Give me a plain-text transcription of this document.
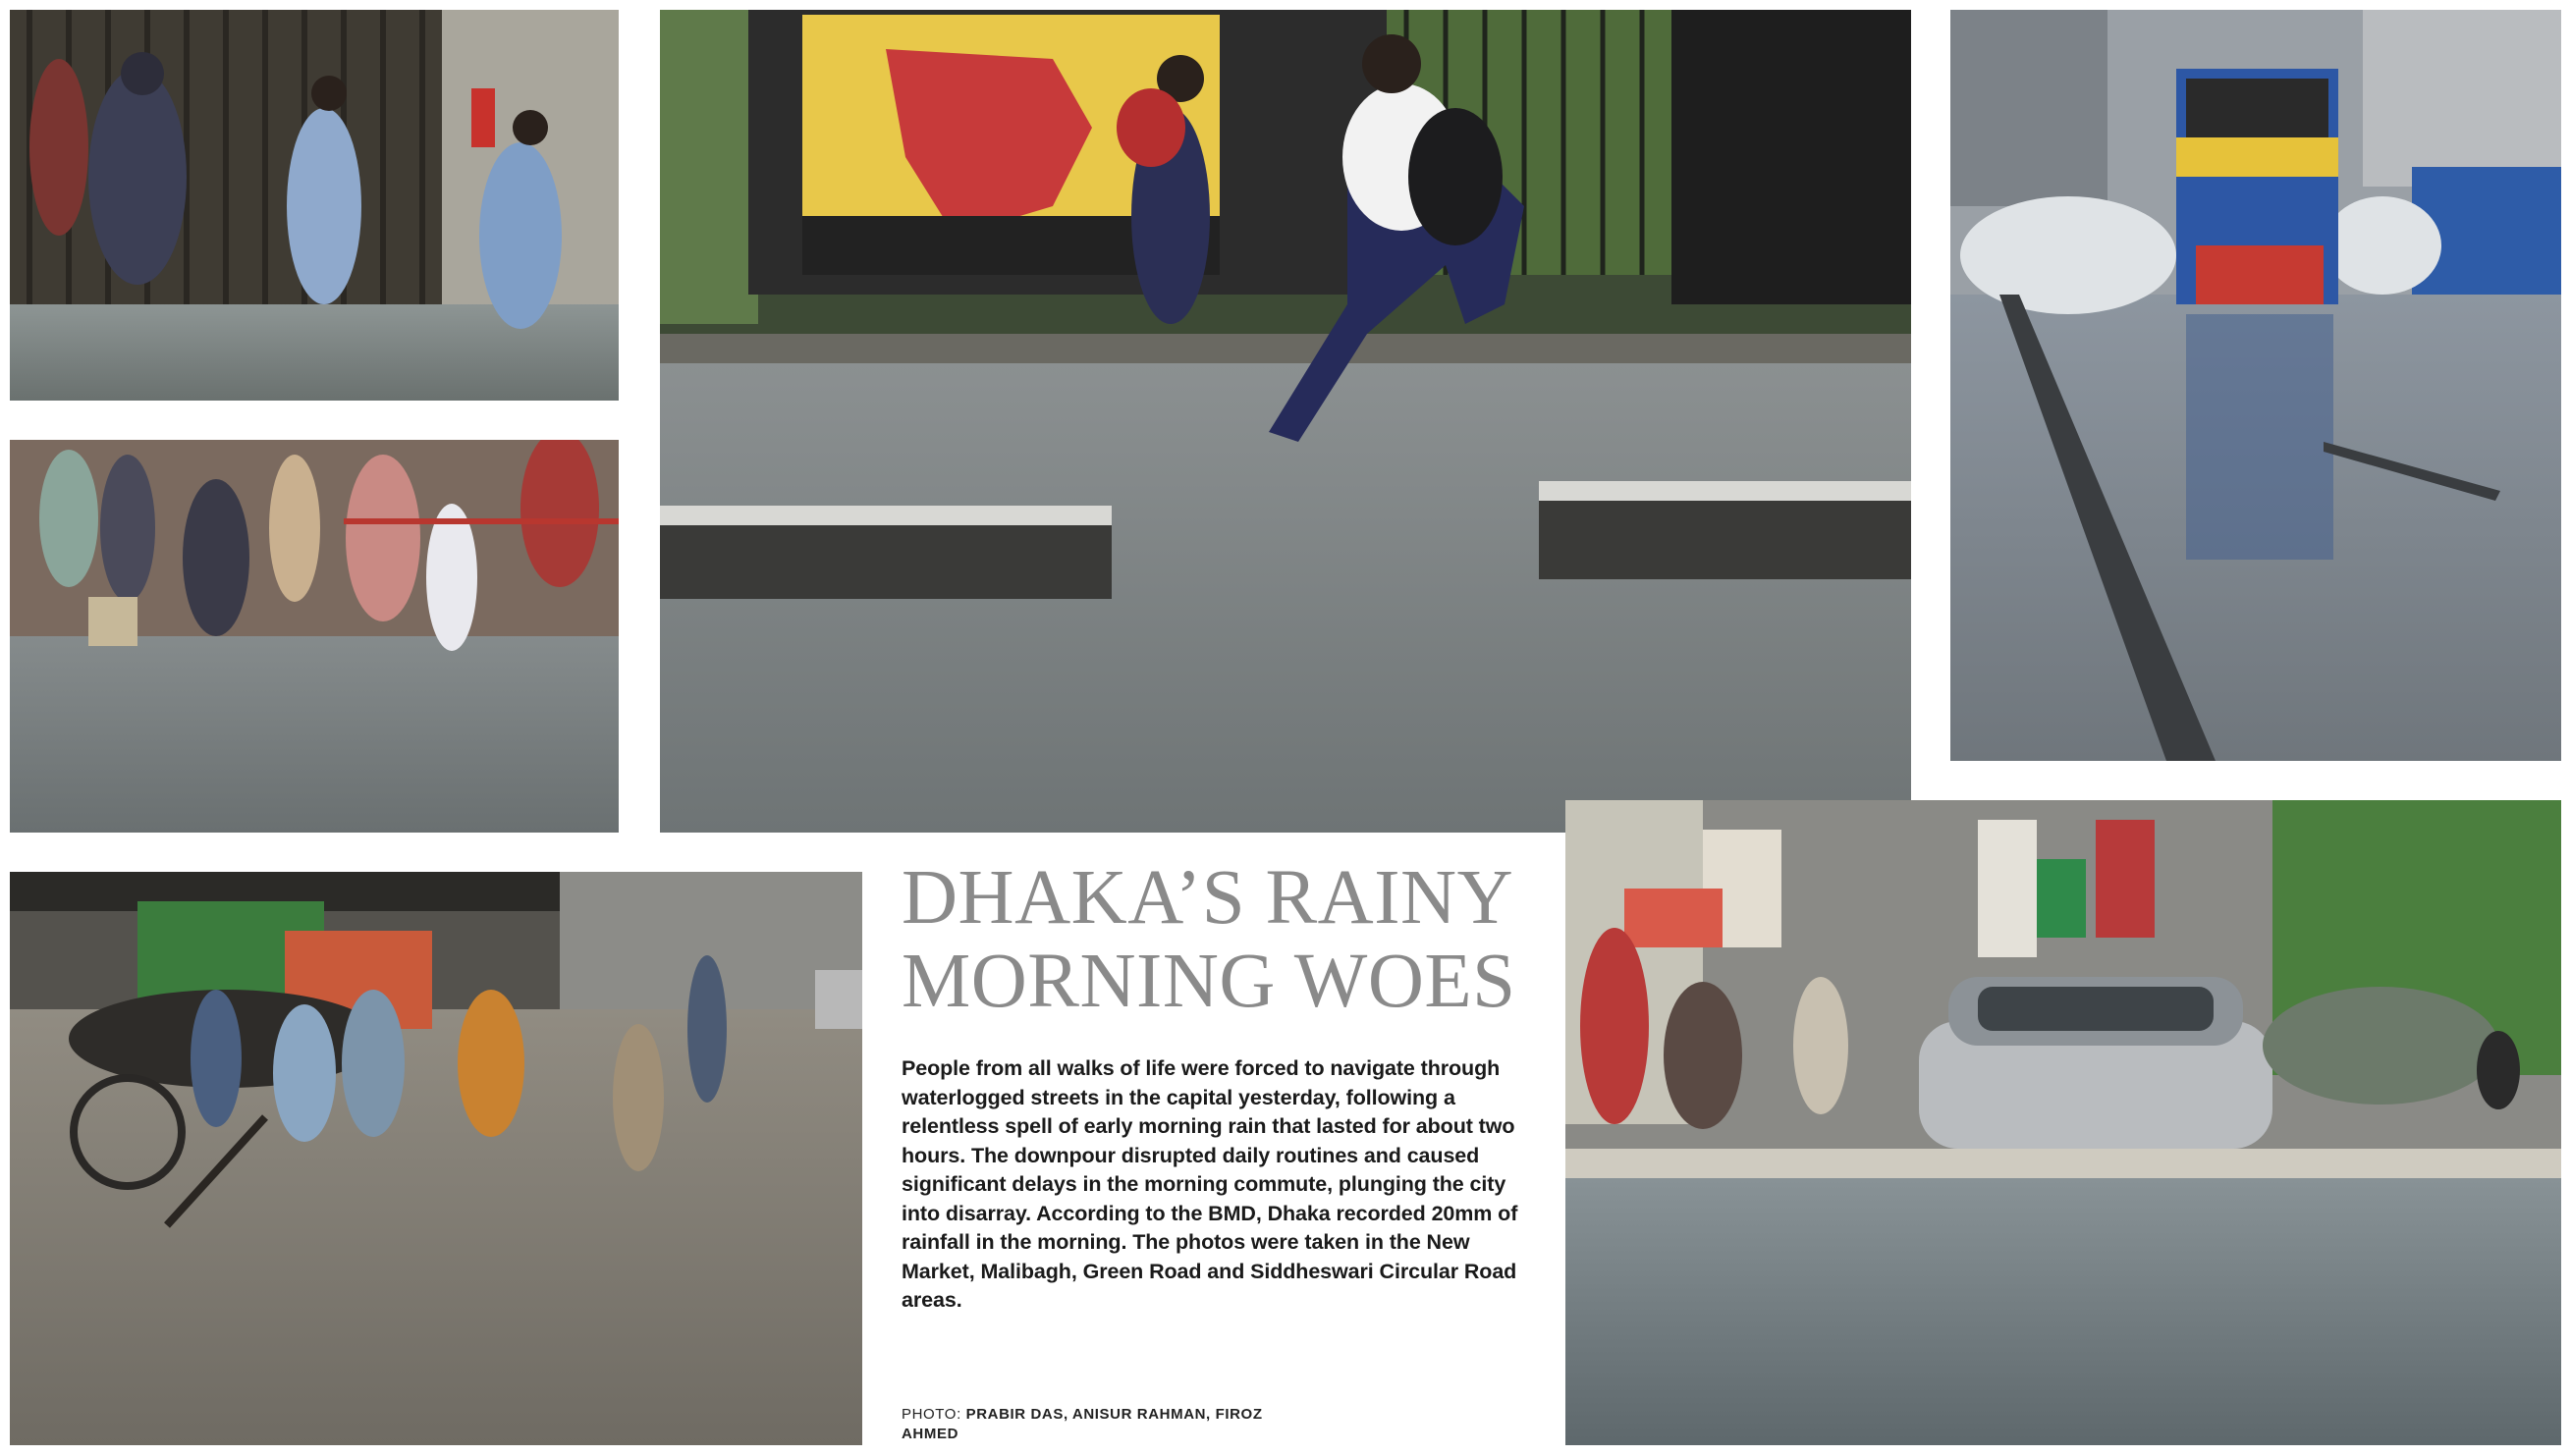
DHAKA’S RAINY
MORNING WOES

People from all walks of life were forced to navigate through waterlogged streets in the capital yesterday, following a relentless spell of early morning rain that lasted for about two hours. The downpour disrupted daily routines and caused significant delays in the morning commute, plunging the city into disarray. According to the BMD, Dhaka recorded 20mm of rainfall in the morning. The photos were taken in the New Market, Malibagh, Green Road and Siddheswari Circular Road areas.

PHOTO: PRABIR DAS, ANISUR RAHMAN, FIROZ AHMED
